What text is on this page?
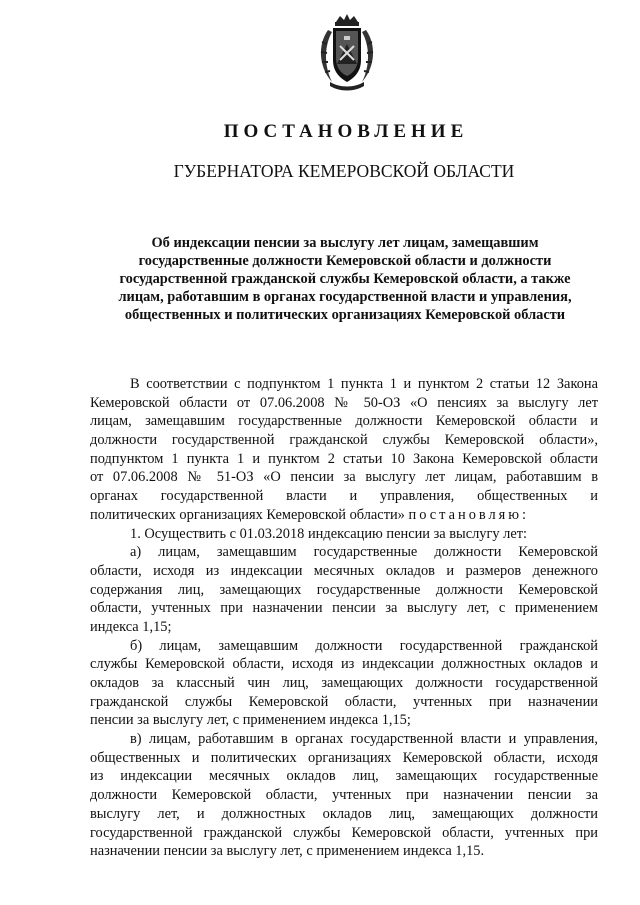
ПОСТАНОВЛЕНИЕ
ГУБЕРНАТОРА КЕМЕРОВСКОЙ ОБЛАСТИ
Об индексации пенсии за выслугу лет лицам, замещавшим
государственные должности Кемеровской области и должности
государственной гражданской службы Кемеровской области, а также
лицам, работавшим в органах государственной власти и управления,
общественных и политических организациях Кемеровской области
В соответствии с подпунктом 1 пункта 1 и пунктом 2 статьи 12 Закона
Кемеровской области от 07.06.2008 № 50-ОЗ «О пенсиях за выслугу лет
лицам, замещавшим государственные должности Кемеровской области и
должности государственной гражданской службы Кемеровской области»,
подпунктом 1 пункта 1 и пунктом 2 статьи 10 Закона Кемеровской области
от 07.06.2008 № 51-ОЗ «О пенсии за выслугу лет лицам, работавшим в
органах государственной власти и управления, общественных и
политических организациях Кемеровской области» постановляю:
1. Осуществить с 01.03.2018 индексацию пенсии за выслугу лет:
а) лицам, замещавшим государственные должности Кемеровской
области, исходя из индексации месячных окладов и размеров денежного
содержания лиц, замещающих государственные должности Кемеровской
области, учтенных при назначении пенсии за выслугу лет, с применением
индекса 1,15;
б) лицам, замещавшим должности государственной гражданской
службы Кемеровской области, исходя из индексации должностных окладов и
окладов за классный чин лиц, замещающих должности государственной
гражданской службы Кемеровской области, учтенных при назначении
пенсии за выслугу лет, с применением индекса 1,15;
в) лицам, работавшим в органах государственной власти и управления,
общественных и политических организациях Кемеровской области, исходя
из индексации месячных окладов лиц, замещающих государственные
должности Кемеровской области, учтенных при назначении пенсии за
выслугу лет, и должностных окладов лиц, замещающих должности
государственной гражданской службы Кемеровской области, учтенных при
назначении пенсии за выслугу лет, с применением индекса 1,15.
